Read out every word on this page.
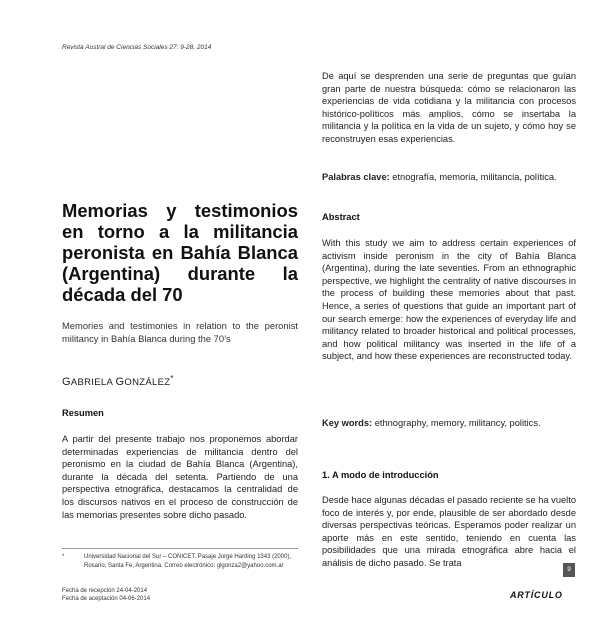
Revista Austral de Ciencias Sociales 27: 9-28, 2014
Memorias y testimonios
en torno a la militancia
peronista en Bahía Blanca
(Argentina) durante la
década del 70
Memories and testimonies in relation to the peronist militancy in Bahía Blanca during the 70’s
GABRIELA GONZÁLEZ*
Resumen
A partir del presente trabajo nos proponemos abordar determinadas experiencias de militancia dentro del peronismo en la ciudad de Bahía Blanca (Argentina), durante la década del setenta. Partiendo de una perspectiva etnográfica, destacamos la centralidad de los discursos nativos en el proceso de construcción de las memorias presentes sobre dicho pasado.
*	Universidad Nacional del Sur – CONICET. Pasaje Jorge Harding 1343 (2000), Rosario, Santa Fe, Argentina. Correo electrónico: glgonza2@yahoo.com.ar
Fecha de recepción 24-04-2014
Fecha de aceptación 04-06-2014
De aquí se desprenden una serie de preguntas que guían gran parte de nuestra búsqueda: cómo se relacionaron las experiencias de vida cotidiana y la militancia con procesos histórico-políticos más amplios, cómo se insertaba la militancia y la política en la vida de un sujeto, y cómo hoy se reconstruyen esas experiencias.
Palabras clave: etnografía, memoria, militancia, política.
Abstract
With this study we aim to address certain experiences of activism inside peronism in the city of Bahía Blanca (Argentina), during the late seventies. From an ethnographic perspective, we highlight the centrality of native discourses in the process of building these memories about that past. Hence, a series of questions that guide an important part of our search emerge: how the experiences of everyday life and militancy related to broader historical and political processes, and how political militancy was inserted in the life of a subject, and how these experiences are reconstructed today.
Key words: ethnography, memory, militancy, politics.
1. A modo de introducción
Desde hace algunas décadas el pasado reciente se ha vuelto foco de interés y, por ende, plausible de ser abordado desde diversas perspectivas teóricas. Esperamos poder realizar un aporte más en este sentido, teniendo en cuenta las posibilidades que una mirada etnográfica abre hacia el análisis de dicho pasado. Se trata
9
ARTÍCULO
